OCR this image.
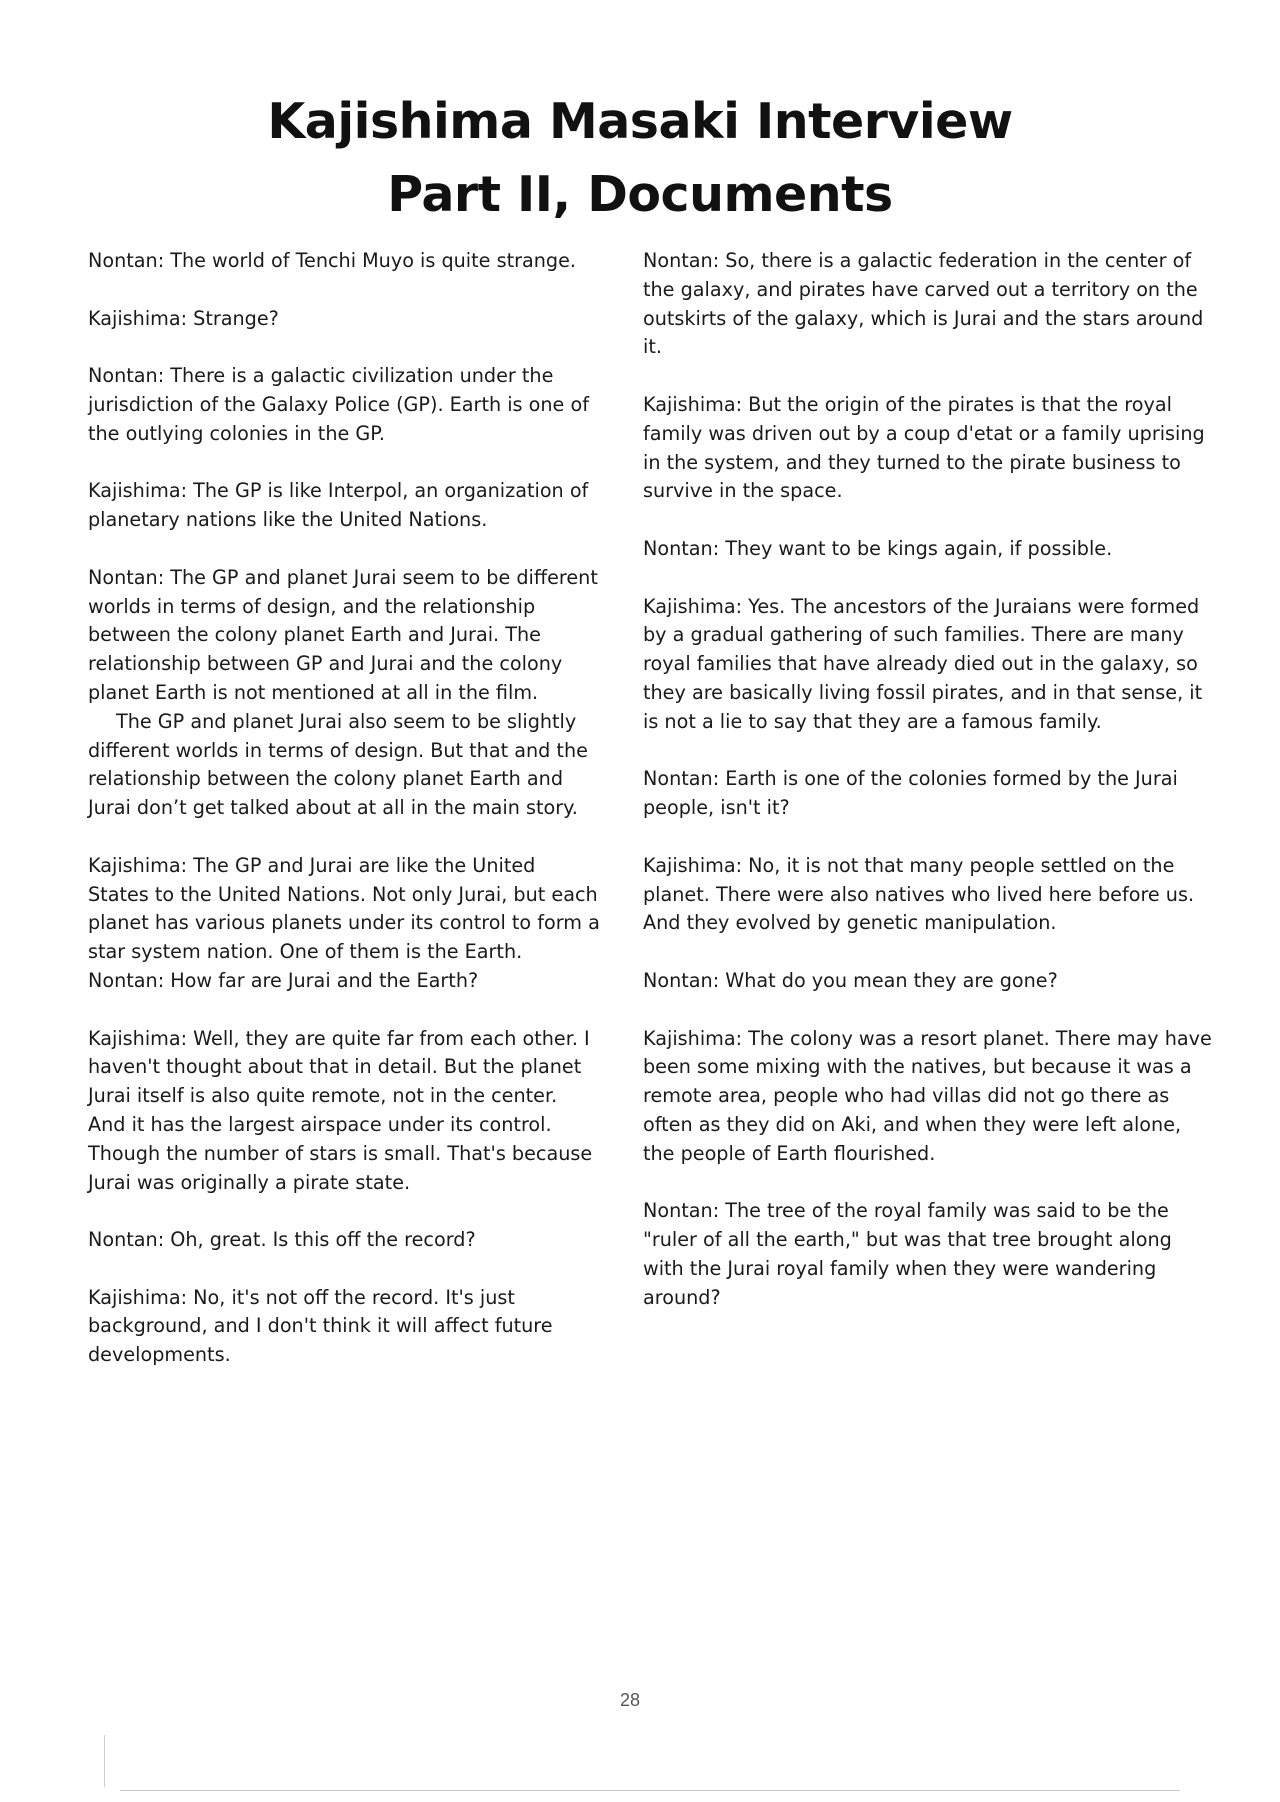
Kajishima Masaki Interview
Part II, Documents

Nontan: The world of Tenchi Muyo is quite strange.

Kajishima: Strange?

Nontan: There is a galactic civilization under the jurisdiction of the Galaxy Police (GP). Earth is one of the outlying colonies in the GP.

Kajishima: The GP is like Interpol, an organization of planetary nations like the United Nations.

Nontan: The GP and planet Jurai seem to be different worlds in terms of design, and the relationship between the colony planet Earth and Jurai. The relationship between GP and Jurai and the colony planet Earth is not mentioned at all in the film.

The GP and planet Jurai also seem to be slightly different worlds in terms of design. But that and the relationship between the colony planet Earth and Jurai don’t get talked about at all in the main story.

Kajishima: The GP and Jurai are like the United States to the United Nations. Not only Jurai, but each planet has various planets under its control to form a star system nation. One of them is the Earth.

Nontan: How far are Jurai and the Earth?

Kajishima: Well, they are quite far from each other. I haven't thought about that in detail. But the planet Jurai itself is also quite remote, not in the center. And it has the largest airspace under its control. Though the number of stars is small. That's because Jurai was originally a pirate state.

Nontan: Oh, great. Is this off the record?

Kajishima: No, it's not off the record. It's just background, and I don't think it will affect future developments.

Nontan: So, there is a galactic federation in the center of the galaxy, and pirates have carved out a territory on the outskirts of the galaxy, which is Jurai and the stars around it.

Kajishima: But the origin of the pirates is that the royal family was driven out by a coup d'etat or a family uprising in the system, and they turned to the pirate business to survive in the space.

Nontan: They want to be kings again, if possible.

Kajishima: Yes. The ancestors of the Juraians were formed by a gradual gathering of such families. There are many royal families that have already died out in the galaxy, so they are basically living fossil pirates, and in that sense, it is not a lie to say that they are a famous family.

Nontan: Earth is one of the colonies formed by the Jurai people, isn't it?

Kajishima: No, it is not that many people settled on the planet. There were also natives who lived here before us. And they evolved by genetic manipulation.

Nontan: What do you mean they are gone?

Kajishima: The colony was a resort planet. There may have been some mixing with the natives, but because it was a remote area, people who had villas did not go there as often as they did on Aki, and when they were left alone, the people of Earth flourished.

Nontan: The tree of the royal family was said to be the "ruler of all the earth," but was that tree brought along with the Jurai royal family when they were wandering around?

28
